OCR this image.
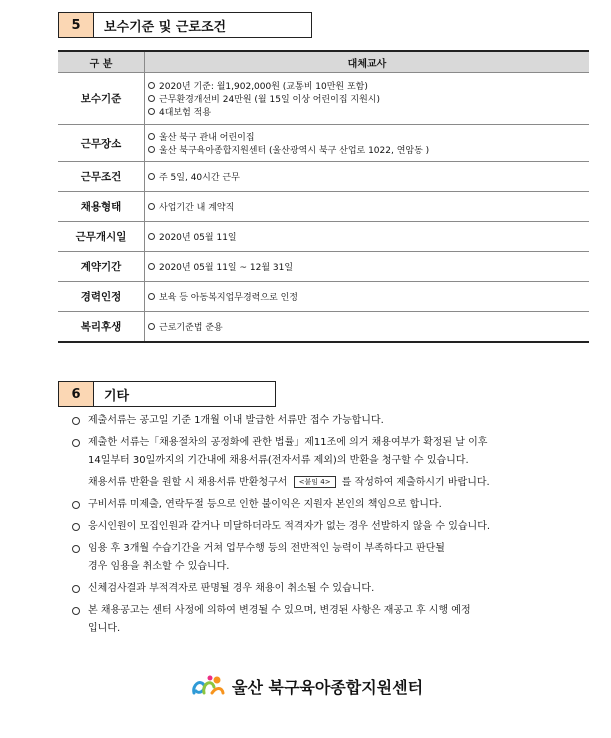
5	보수기준 및 근로조건
구 분	대체교사
보수기준	2020년 기준: 월1,902,000원 (교통비 10만원 포함)
근무환경개선비 24만원 (월 15일 이상 어린이집 지원시)
4대보험 적용

근무장소	울산 북구 관내 어린이집
울산 북구육아종합지원센터 (울산광역시 북구 산업로 1022, 연암동 )

근무조건	주 5일, 40시간 근무

채용형태	사업기간 내 계약직

근무개시일	2020년 05월 11일

계약기간	2020년 05월 11일 ~ 12월 31일

경력인정	보육 등 아동복지업무경력으로 인정

복리후생	근로기준법 준용
6	기타
제출서류는 공고일 기준 1개월 이내 발급한 서류만 접수 가능합니다.
제출한 서류는「채용절차의 공정화에 관한 법률」제11조에 의거 채용여부가 확정된 날 이후
14일부터 30일까지의 기간내에 채용서류(전자서류 제외)의 반환을 청구할 수 있습니다.
채용서류 반환을 원할 시 채용서류 반환청구서 <붙임 4> 를 작성하여 제출하시기 바랍니다.
구비서류 미제출, 연락두절 등으로 인한 불이익은 지원자 본인의 책임으로 합니다.
응시인원이 모집인원과 같거나 미달하더라도 적격자가 없는 경우 선발하지 않을 수 있습니다.
임용 후 3개월 수습기간을 거쳐 업무수행 등의 전반적인 능력이 부족하다고 판단될
경우 임용을 취소할 수 있습니다.
신체검사결과 부적격자로 판명될 경우 채용이 취소될 수 있습니다.
본 채용공고는 센터 사정에 의하여 변경될 수 있으며, 변경된 사항은 재공고 후 시행 예정
입니다.
울산 북구육아종합지원센터
